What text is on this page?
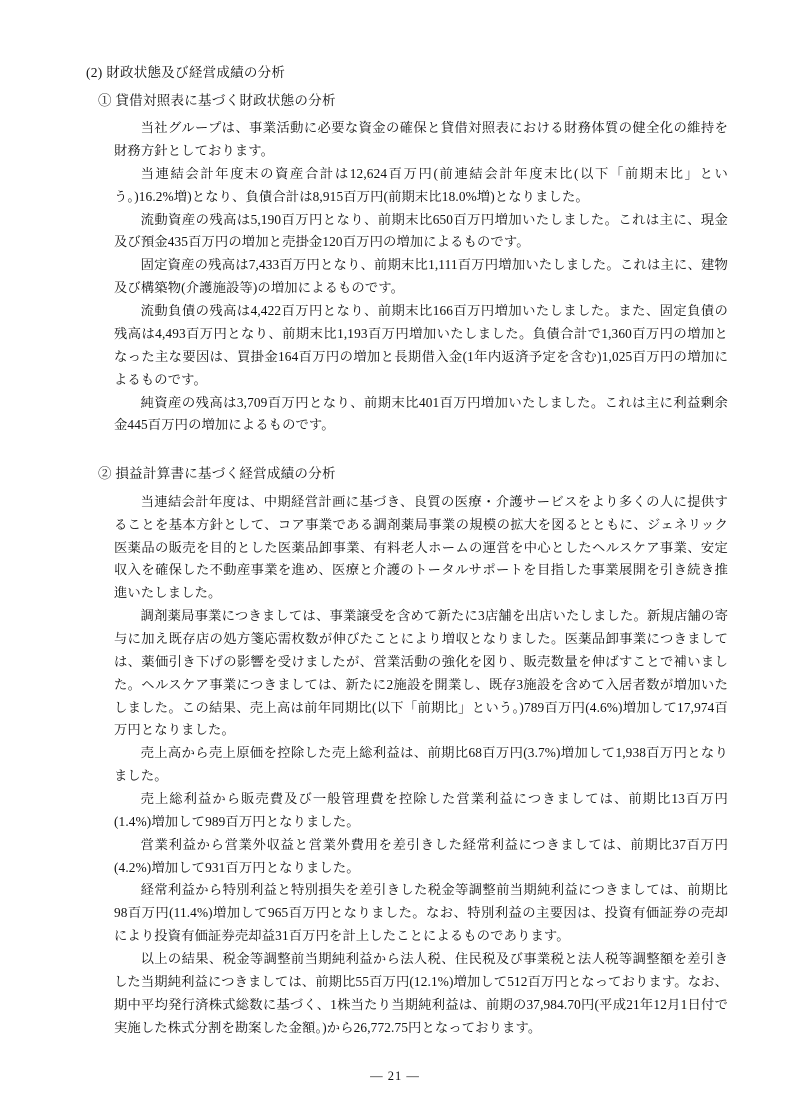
(2) 財政状態及び経営成績の分析
① 貸借対照表に基づく財政状態の分析

当社グループは、事業活動に必要な資金の確保と貸借対照表における財務体質の健全化の維持を財務方針としております。

当連結会計年度末の資産合計は12,624百万円(前連結会計年度末比(以下「前期末比」という。)16.2%増)となり、負債合計は8,915百万円(前期末比18.0%増)となりました。

流動資産の残高は5,190百万円となり、前期末比650百万円増加いたしました。これは主に、現金及び預金435百万円の増加と売掛金120百万円の増加によるものです。

固定資産の残高は7,433百万円となり、前期末比1,111百万円増加いたしました。これは主に、建物及び構築物(介護施設等)の増加によるものです。

流動負債の残高は4,422百万円となり、前期末比166百万円増加いたしました。また、固定負債の残高は4,493百万円となり、前期末比1,193百万円増加いたしました。負債合計で1,360百万円の増加となった主な要因は、買掛金164百万円の増加と長期借入金(1年内返済予定を含む)1,025百万円の増加によるものです。

純資産の残高は3,709百万円となり、前期末比401百万円増加いたしました。これは主に利益剰余金445百万円の増加によるものです。

② 損益計算書に基づく経営成績の分析

当連結会計年度は、中期経営計画に基づき、良質の医療・介護サービスをより多くの人に提供することを基本方針として、コア事業である調剤薬局事業の規模の拡大を図るとともに、ジェネリック医薬品の販売を目的とした医薬品卸事業、有料老人ホームの運営を中心としたヘルスケア事業、安定収入を確保した不動産事業を進め、医療と介護のトータルサポートを目指した事業展開を引き続き推進いたしました。

調剤薬局事業につきましては、事業譲受を含めて新たに3店舗を出店いたしました。新規店舗の寄与に加え既存店の処方箋応需枚数が伸びたことにより増収となりました。医薬品卸事業につきましては、薬価引き下げの影響を受けましたが、営業活動の強化を図り、販売数量を伸ばすことで補いました。ヘルスケア事業につきましては、新たに2施設を開業し、既存3施設を含めて入居者数が増加いたしました。この結果、売上高は前年同期比(以下「前期比」という。)789百万円(4.6%)増加して17,974百万円となりました。

売上高から売上原価を控除した売上総利益は、前期比68百万円(3.7%)増加して1,938百万円となりました。

売上総利益から販売費及び一般管理費を控除した営業利益につきましては、前期比13百万円(1.4%)増加して989百万円となりました。

営業利益から営業外収益と営業外費用を差引きした経常利益につきましては、前期比37百万円(4.2%)増加して931百万円となりました。

経常利益から特別利益と特別損失を差引きした税金等調整前当期純利益につきましては、前期比98百万円(11.4%)増加して965百万円となりました。なお、特別利益の主要因は、投資有価証券の売却により投資有価証券売却益31百万円を計上したことによるものであります。

以上の結果、税金等調整前当期純利益から法人税、住民税及び事業税と法人税等調整額を差引きした当期純利益につきましては、前期比55百万円(12.1%)増加して512百万円となっております。なお、期中平均発行済株式総数に基づく、1株当たり当期純利益は、前期の37,984.70円(平成21年12月1日付で実施した株式分割を勘案した金額。)から26,772.75円となっております。

― 21 ―
